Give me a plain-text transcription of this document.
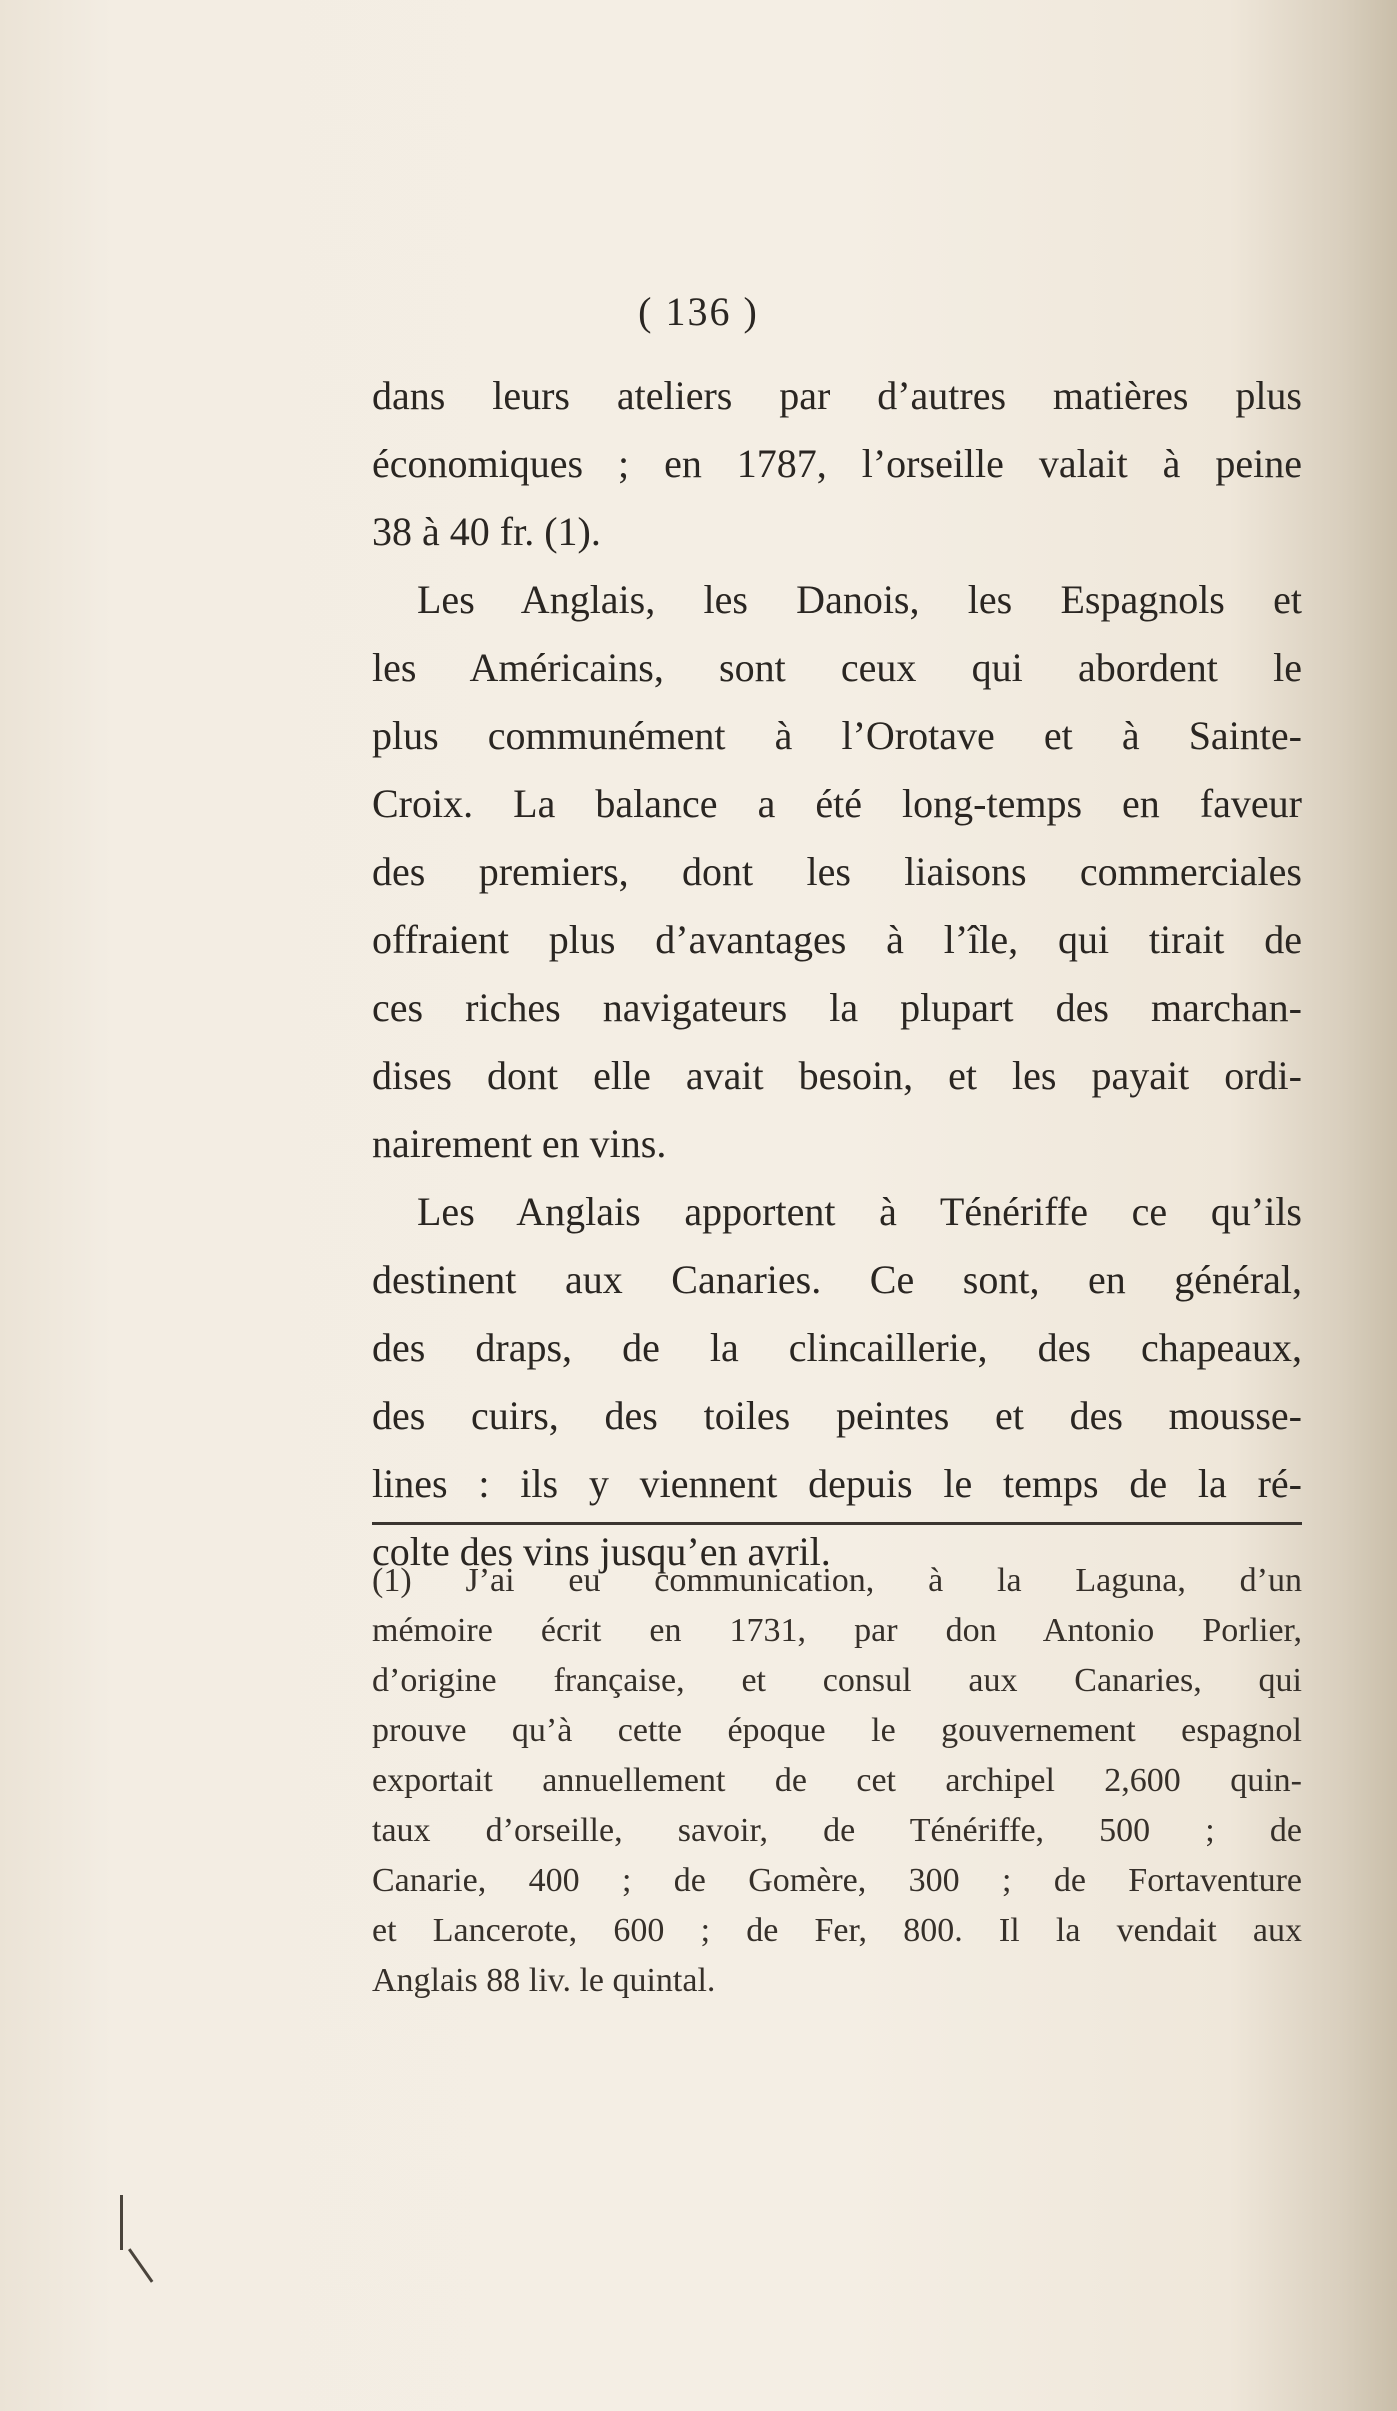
( 136 )
dans leurs ateliers par d’autres matières plus
économiques ; en 1787, l’orseille valait à peine
38 à 40 fr. (1).
Les Anglais, les Danois, les Espagnols et
les Américains, sont ceux qui abordent le
plus communément à l’Orotave et à Sainte-
Croix. La balance a été long-temps en faveur
des premiers, dont les liaisons commerciales
offraient plus d’avantages à l’île, qui tirait de
ces riches navigateurs la plupart des marchan-
dises dont elle avait besoin, et les payait ordi-
nairement en vins.
Les Anglais apportent à Ténériffe ce qu’ils
destinent aux Canaries. Ce sont, en général,
des draps, de la clincaillerie, des chapeaux,
des cuirs, des toiles peintes et des mousse-
lines : ils y viennent depuis le temps de la ré-
colte des vins jusqu’en avril.
(1) J’ai eu communication, à la Laguna, d’un
mémoire écrit en 1731, par don Antonio Porlier,
d’origine française, et consul aux Canaries, qui
prouve qu’à cette époque le gouvernement espagnol
exportait annuellement de cet archipel 2,600 quin-
taux d’orseille, savoir, de Ténériffe, 500 ; de
Canarie, 400 ; de Gomère, 300 ; de Fortaventure
et Lancerote, 600 ; de Fer, 800. Il la vendait aux
Anglais 88 liv. le quintal.
